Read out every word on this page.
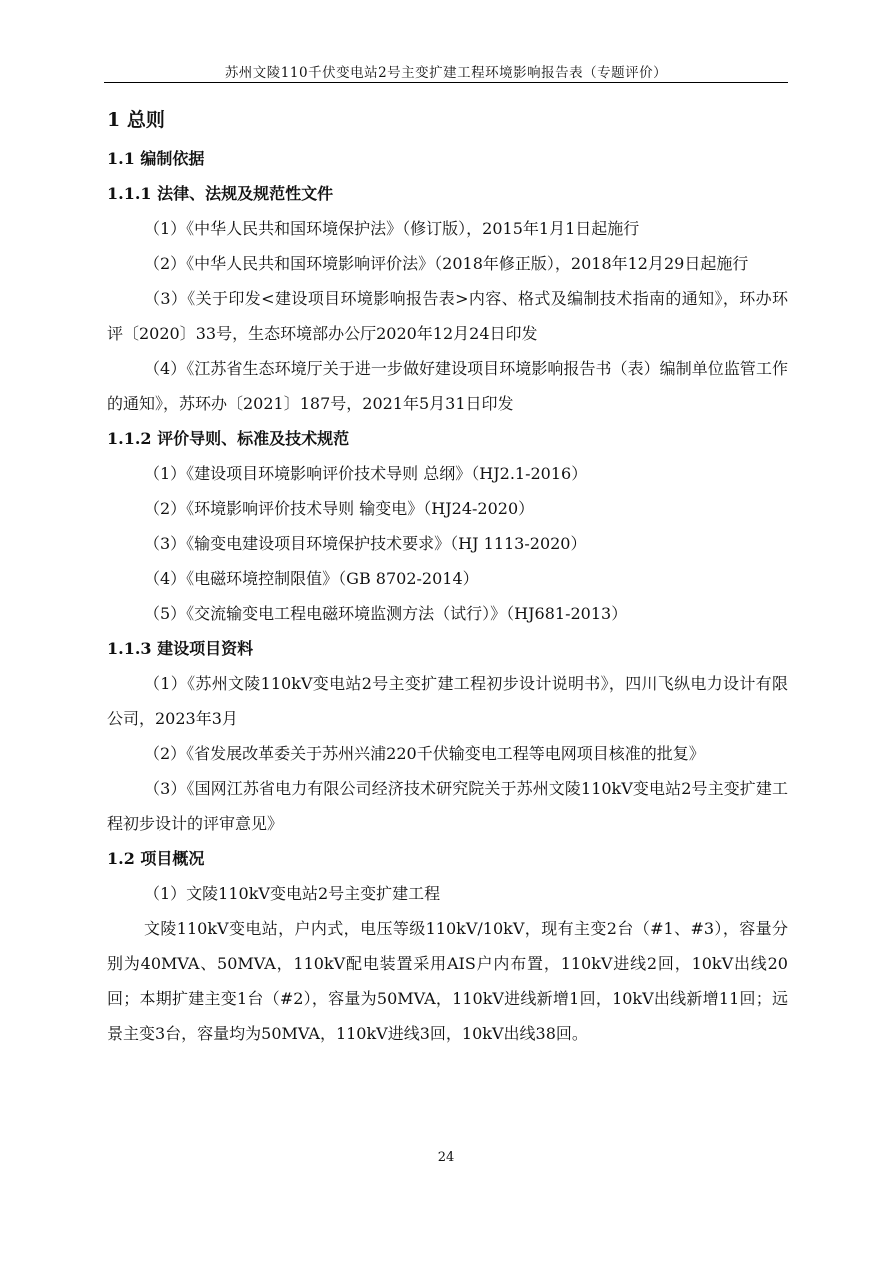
苏州文陵110千伏变电站2号主变扩建工程环境影响报告表（专题评价）
1 总则
1.1 编制依据
1.1.1 法律、法规及规范性文件

（1）《中华人民共和国环境保护法》（修订版），2015年1月1日起施行

（2）《中华人民共和国环境影响评价法》（2018年修正版），2018年12月29日起施行

（3）《关于印发<建设项目环境影响报告表>内容、格式及编制技术指南的通知》，环办环评〔2020〕33号，生态环境部办公厅2020年12月24日印发

（4）《江苏省生态环境厅关于进一步做好建设项目环境影响报告书（表）编制单位监管工作的通知》，苏环办〔2021〕187号，2021年5月31日印发

1.1.2 评价导则、标准及技术规范

（1）《建设项目环境影响评价技术导则 总纲》（HJ2.1-2016）

（2）《环境影响评价技术导则 输变电》（HJ24-2020）

（3）《输变电建设项目环境保护技术要求》（HJ 1113-2020）

（4）《电磁环境控制限值》（GB 8702-2014）

（5）《交流输变电工程电磁环境监测方法（试行）》（HJ681-2013）

1.1.3 建设项目资料

（1）《苏州文陵110kV变电站2号主变扩建工程初步设计说明书》，四川飞纵电力设计有限公司，2023年3月

（2）《省发展改革委关于苏州兴浦220千伏输变电工程等电网项目核准的批复》

（3）《国网江苏省电力有限公司经济技术研究院关于苏州文陵110kV变电站2号主变扩建工程初步设计的评审意见》

1.2 项目概况

（1）文陵110kV变电站2号主变扩建工程

文陵110kV变电站，户内式，电压等级110kV/10kV，现有主变2台（#1、#3），容量分别为40MVA、50MVA，110kV配电装置采用AIS户内布置，110kV进线2回，10kV出线20回；本期扩建主变1台（#2），容量为50MVA，110kV进线新增1回，10kV出线新增11回；远景主变3台，容量均为50MVA，110kV进线3回，10kV出线38回。

24
